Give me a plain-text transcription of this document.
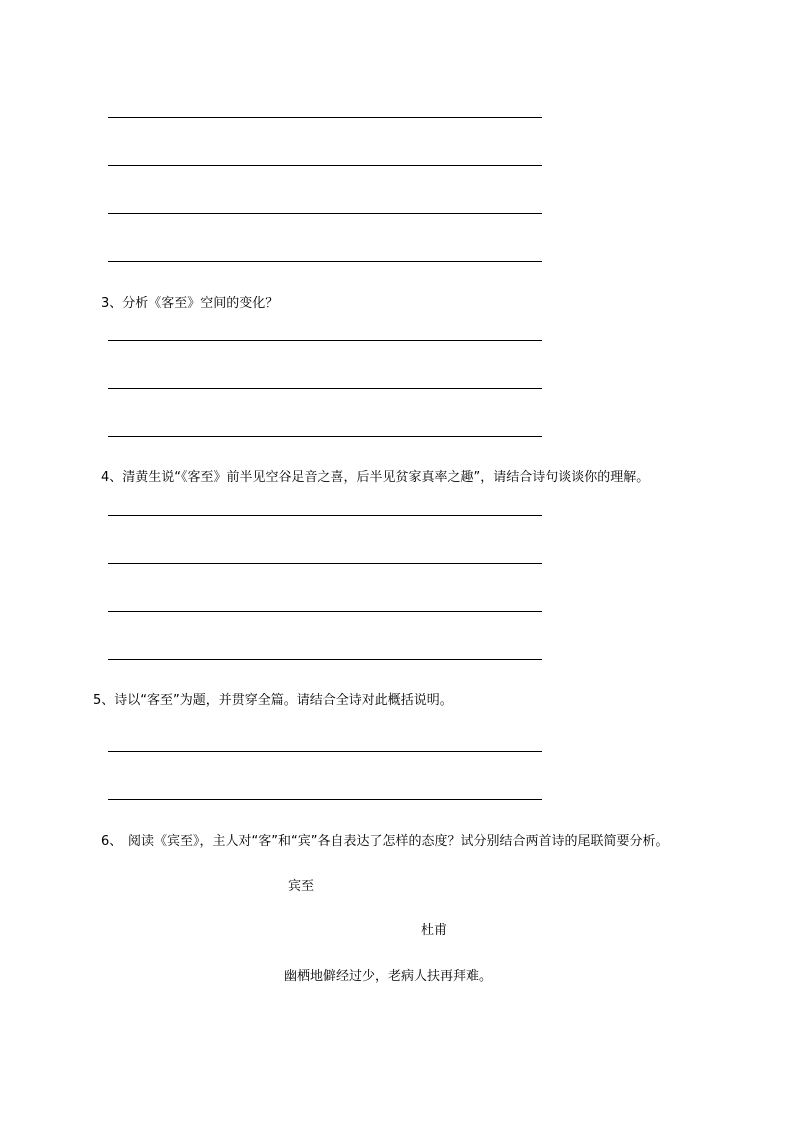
3、分析《客至》空间的变化？
4、清黄生说“《客至》前半见空谷足音之喜，后半见贫家真率之趣”，请结合诗句谈谈你的理解。
5、诗以“客至”为题，并贯穿全篇。请结合全诗对此概括说明。
6、 阅读《宾至》，主人对“客”和“宾”各自表达了怎样的态度？试分别结合两首诗的尾联简要分析。
宾至
杜甫
幽栖地僻经过少，老病人扶再拜难。
